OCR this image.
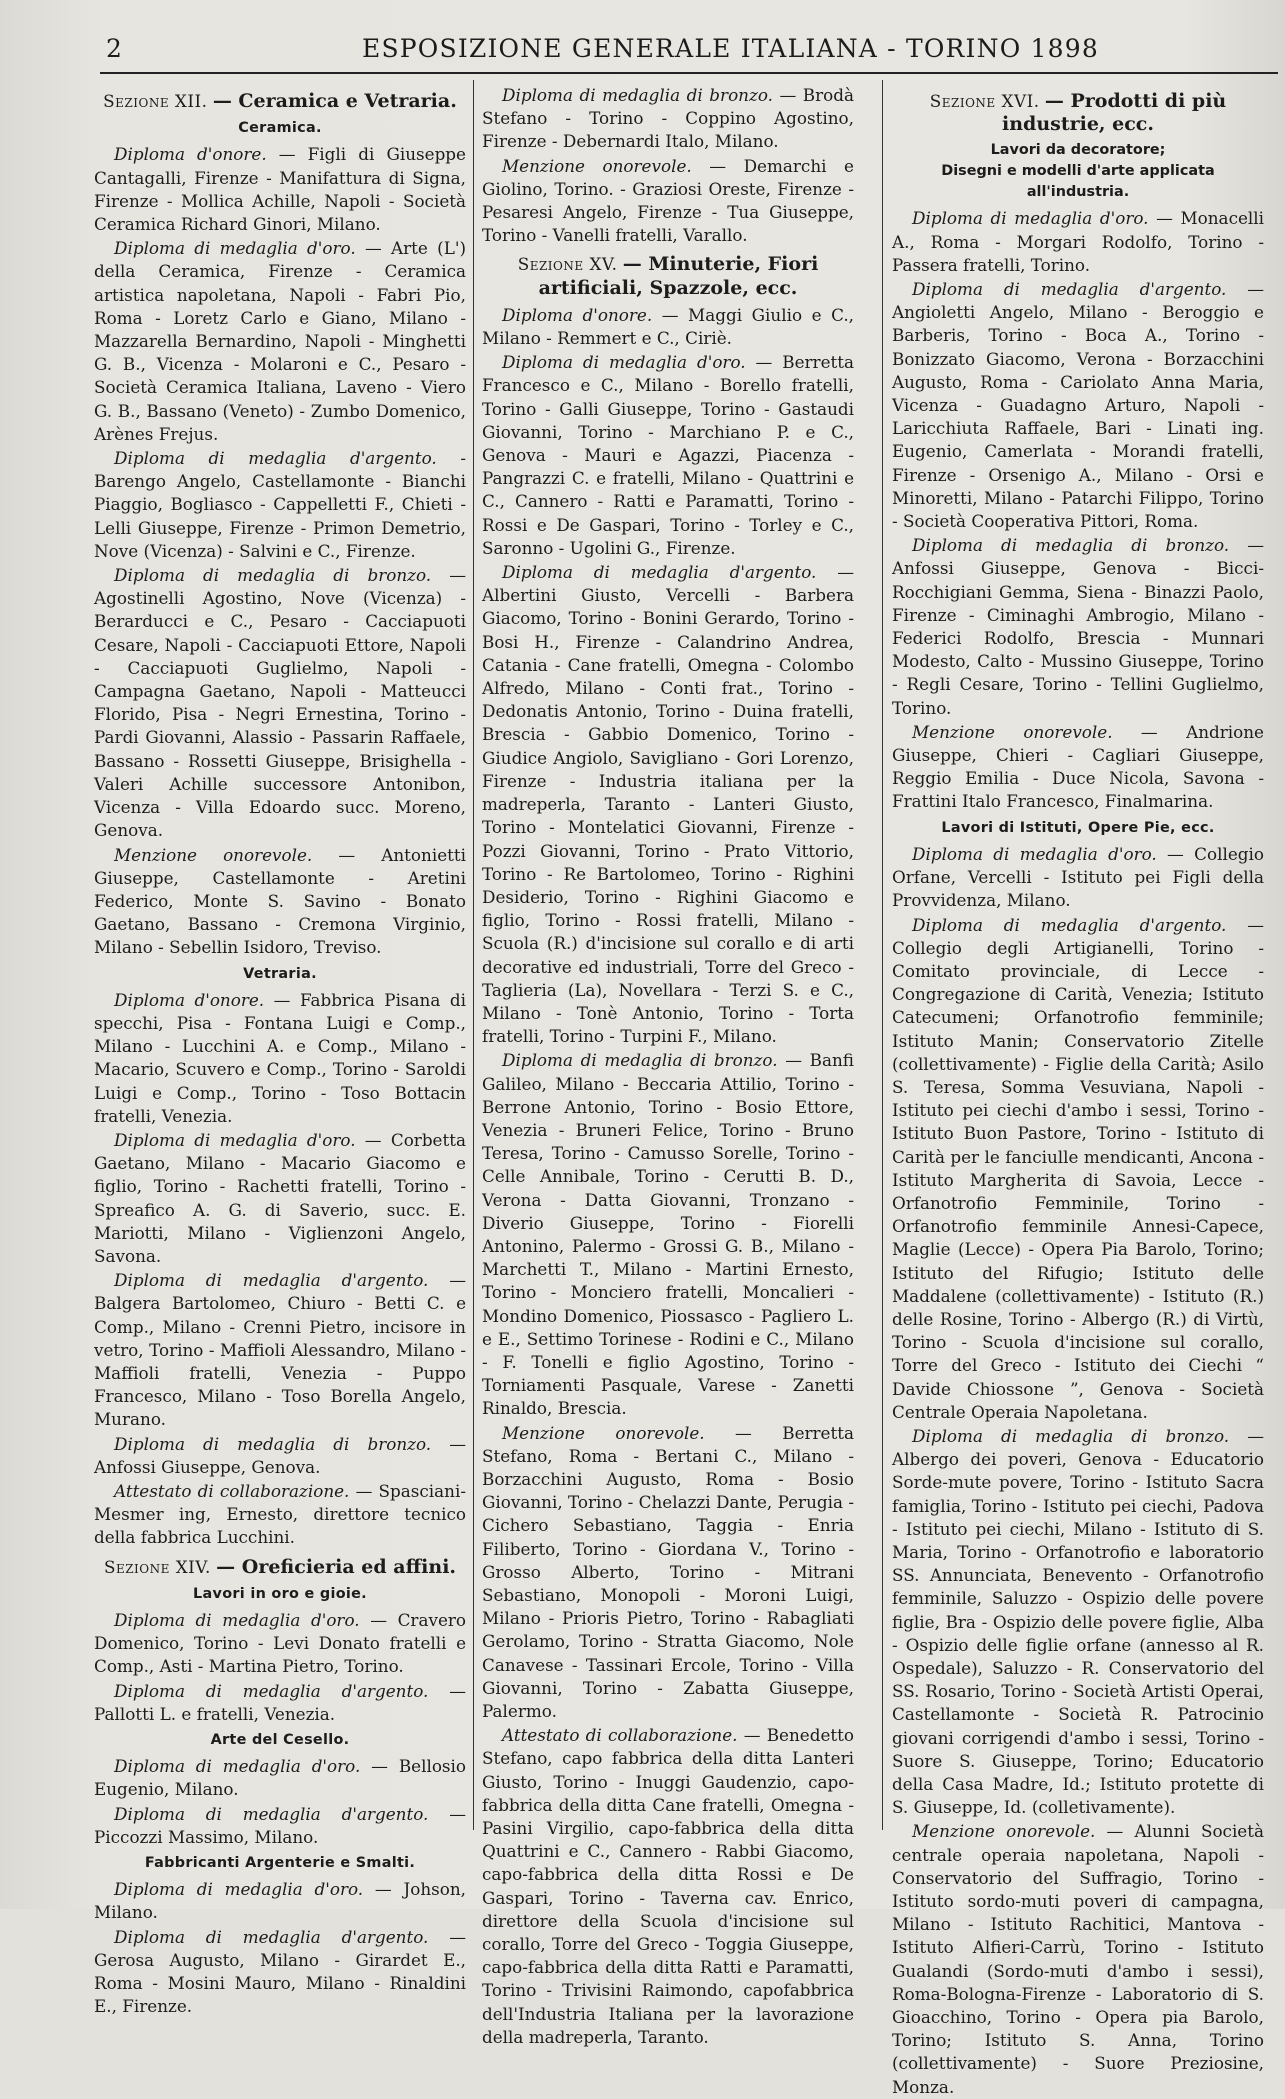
2	ESPOSIZIONE GENERALE ITALIANA - TORINO 1898
Sezione XII. — Ceramica e Vetraria.
Ceramica.

Diploma d'onore. — Figli di Giuseppe Cantagalli, Firenze - Manifattura di Signa, Firenze - Mollica Achille, Napoli - Società Ceramica Richard Ginori, Milano.

Diploma di medaglia d'oro. — Arte (L') della Ceramica, Firenze - Ceramica artistica napoletana, Napoli - Fabri Pio, Roma - Loretz Carlo e Giano, Milano - Mazzarella Bernardino, Napoli - Minghetti G. B., Vicenza - Molaroni e C., Pesaro - Società Ceramica Italiana, Laveno - Viero G. B., Bassano (Veneto) - Zumbo Domenico, Arènes Frejus.

Diploma di medaglia d'argento. - Barengo Angelo, Castellamonte - Bianchi Piaggio, Bogliasco - Cappelletti F., Chieti - Lelli Giuseppe, Firenze - Primon Demetrio, Nove (Vicenza) - Salvini e C., Firenze.

Diploma di medaglia di bronzo. — Agostinelli Agostino, Nove (Vicenza) - Berarducci e C., Pesaro - Cacciapuoti Cesare, Napoli - Cacciapuoti Ettore, Napoli - Cacciapuoti Guglielmo, Napoli - Campagna Gaetano, Napoli - Matteucci Florido, Pisa - Negri Ernestina, Torino - Pardi Giovanni, Alassio - Passarin Raffaele, Bassano - Rossetti Giuseppe, Brisighella - Valeri Achille successore Antonibon, Vicenza - Villa Edoardo succ. Moreno, Genova.

Menzione onorevole. — Antonietti Giuseppe, Castellamonte - Aretini Federico, Monte S. Savino - Bonato Gaetano, Bassano - Cremona Virginio, Milano - Sebellin Isidoro, Treviso.

Vetraria.

Diploma d'onore. — Fabbrica Pisana di specchi, Pisa - Fontana Luigi e Comp., Milano - Lucchini A. e Comp., Milano - Macario, Scuvero e Comp., Torino - Saroldi Luigi e Comp., Torino - Toso Bottacin fratelli, Venezia.

Diploma di medaglia d'oro. — Corbetta Gaetano, Milano - Macario Giacomo e figlio, Torino - Rachetti fratelli, Torino - Spreafico A. G. di Saverio, succ. E. Mariotti, Milano - Viglienzoni Angelo, Savona.

Diploma di medaglia d'argento. — Balgera Bartolomeo, Chiuro - Betti C. e Comp., Milano - Crenni Pietro, incisore in vetro, Torino - Maffioli Alessandro, Milano - Maffioli fratelli, Venezia - Puppo Francesco, Milano - Toso Borella Angelo, Murano.

Diploma di medaglia di bronzo. — Anfossi Giuseppe, Genova.

Attestato di collaborazione. — Spasciani-Mesmer ing, Ernesto, direttore tecnico della fabbrica Lucchini.

Sezione XIV. — Oreficieria ed affini.
Lavori in oro e gioie.

Diploma di medaglia d'oro. — Cravero Domenico, Torino - Levi Donato fratelli e Comp., Asti - Martina Pietro, Torino.

Diploma di medaglia d'argento. — Pallotti L. e fratelli, Venezia.

Arte del Cesello.

Diploma di medaglia d'oro. — Bellosio Eugenio, Milano.

Diploma di medaglia d'argento. — Piccozzi Massimo, Milano.

Fabbricanti Argenterie e Smalti.

Diploma di medaglia d'oro. — Johson, Milano.

Diploma di medaglia d'argento. — Gerosa Augusto, Milano - Girardet E., Roma - Mosini Mauro, Milano - Rinaldini E., Firenze.

Diploma di medaglia di bronzo. — Brodà Stefano - Torino - Coppino Agostino, Firenze - Debernardi Italo, Milano.

Menzione onorevole. — Demarchi e Giolino, Torino. - Graziosi Oreste, Firenze - Pesaresi Angelo, Firenze - Tua Giuseppe, Torino - Vanelli fratelli, Varallo.

Sezione XV. — Minuterie, Fiori artificiali, Spazzole, ecc.

Diploma d'onore. — Maggi Giulio e C., Milano - Remmert e C., Ciriè.

Diploma di medaglia d'oro. — Berretta Francesco e C., Milano - Borello fratelli, Torino - Galli Giuseppe, Torino - Gastaudi Giovanni, Torino - Marchiano P. e C., Genova - Mauri e Agazzi, Piacenza - Pangrazzi C. e fratelli, Milano - Quattrini e C., Cannero - Ratti e Paramatti, Torino - Rossi e De Gaspari, Torino - Torley e C., Saronno - Ugolini G., Firenze.

Diploma di medaglia d'argento. — Albertini Giusto, Vercelli - Barbera Giacomo, Torino - Bonini Gerardo, Torino - Bosi H., Firenze - Calandrino Andrea, Catania - Cane fratelli, Omegna - Colombo Alfredo, Milano - Conti frat., Torino - Dedonatis Antonio, Torino - Duina fratelli, Brescia - Gabbio Domenico, Torino - Giudice Angiolo, Savigliano - Gori Lorenzo, Firenze - Industria italiana per la madreperla, Taranto - Lanteri Giusto, Torino - Montelatici Giovanni, Firenze - Pozzi Giovanni, Torino - Prato Vittorio, Torino - Re Bartolomeo, Torino - Righini Desiderio, Torino - Righini Giacomo e figlio, Torino - Rossi fratelli, Milano - Scuola (R.) d'incisione sul corallo e di arti decorative ed industriali, Torre del Greco - Taglieria (La), Novellara - Terzi S. e C., Milano - Tonè Antonio, Torino - Torta fratelli, Torino - Turpini F., Milano.

Diploma di medaglia di bronzo. — Banfi Galileo, Milano - Beccaria Attilio, Torino - Berrone Antonio, Torino - Bosio Ettore, Venezia - Bruneri Felice, Torino - Bruno Teresa, Torino - Camusso Sorelle, Torino - Celle Annibale, Torino - Cerutti B. D., Verona - Datta Giovanni, Tronzano - Diverio Giuseppe, Torino - Fiorelli Antonino, Palermo - Grossi G. B., Milano - Marchetti T., Milano - Martini Ernesto, Torino - Monciero fratelli, Moncalieri - Mondino Domenico, Piossasco - Pagliero L. e E., Settimo Torinese - Rodini e C., Milano - F. Tonelli e figlio Agostino, Torino - Torniamenti Pasquale, Varese - Zanetti Rinaldo, Brescia.

Menzione onorevole. — Berretta Stefano, Roma - Bertani C., Milano - Borzacchini Augusto, Roma - Bosio Giovanni, Torino - Chelazzi Dante, Perugia - Cichero Sebastiano, Taggia - Enria Filiberto, Torino - Giordana V., Torino - Grosso Alberto, Torino - Mitrani Sebastiano, Monopoli - Moroni Luigi, Milano - Prioris Pietro, Torino - Rabagliati Gerolamo, Torino - Stratta Giacomo, Nole Canavese - Tassinari Ercole, Torino - Villa Giovanni, Torino - Zabatta Giuseppe, Palermo.

Attestato di collaborazione. — Benedetto Stefano, capo fabbrica della ditta Lanteri Giusto, Torino - Inuggi Gaudenzio, capo-fabbrica della ditta Cane fratelli, Omegna - Pasini Virgilio, capo-fabbrica della ditta Quattrini e C., Cannero - Rabbi Giacomo, capo-fabbrica della ditta Rossi e De Gaspari, Torino - Taverna cav. Enrico, direttore della Scuola d'incisione sul corallo, Torre del Greco - Toggia Giuseppe, capo-fabbrica della ditta Ratti e Paramatti, Torino - Trivisini Raimondo, capofabbrica dell'Industria Italiana per la lavorazione della madreperla, Taranto.

Sezione XVI. — Prodotti di più industrie, ecc.
Lavori da decoratore;
Disegni e modelli d'arte applicata all'industria.

Diploma di medaglia d'oro. — Monacelli A., Roma - Morgari Rodolfo, Torino - Passera fratelli, Torino.

Diploma di medaglia d'argento. — Angioletti Angelo, Milano - Beroggio e Barberis, Torino - Boca A., Torino - Bonizzato Giacomo, Verona - Borzacchini Augusto, Roma - Cariolato Anna Maria, Vicenza - Guadagno Arturo, Napoli - Laricchiuta Raffaele, Bari - Linati ing. Eugenio, Camerlata - Morandi fratelli, Firenze - Orsenigo A., Milano - Orsi e Minoretti, Milano - Patarchi Filippo, Torino - Società Cooperativa Pittori, Roma.

Diploma di medaglia di bronzo. — Anfossi Giuseppe, Genova - Bicci-Rocchigiani Gemma, Siena - Binazzi Paolo, Firenze - Ciminaghi Ambrogio, Milano - Federici Rodolfo, Brescia - Munnari Modesto, Calto - Mussino Giuseppe, Torino - Regli Cesare, Torino - Tellini Guglielmo, Torino.

Menzione onorevole. — Andrione Giuseppe, Chieri - Cagliari Giuseppe, Reggio Emilia - Duce Nicola, Savona - Frattini Italo Francesco, Finalmarina.

Lavori di Istituti, Opere Pie, ecc.

Diploma di medaglia d'oro. — Collegio Orfane, Vercelli - Istituto pei Figli della Provvidenza, Milano.

Diploma di medaglia d'argento. — Collegio degli Artigianelli, Torino - Comitato provinciale, di Lecce - Congregazione di Carità, Venezia; Istituto Catecumeni; Orfanotrofio femminile; Istituto Manin; Conservatorio Zitelle (collettivamente) - Figlie della Carità; Asilo S. Teresa, Somma Vesuviana, Napoli - Istituto pei ciechi d'ambo i sessi, Torino - Istituto Buon Pastore, Torino - Istituto di Carità per le fanciulle mendicanti, Ancona - Istituto Margherita di Savoia, Lecce - Orfanotrofio Femminile, Torino - Orfanotrofio femminile Annesi-Capece, Maglie (Lecce) - Opera Pia Barolo, Torino; Istituto del Rifugio; Istituto delle Maddalene (collettivamente) - Istituto (R.) delle Rosine, Torino - Albergo (R.) di Virtù, Torino - Scuola d'incisione sul corallo, Torre del Greco - Istituto dei Ciechi “ Davide Chiossone ”, Genova - Società Centrale Operaia Napoletana.

Diploma di medaglia di bronzo. — Albergo dei poveri, Genova - Educatorio Sorde-mute povere, Torino - Istituto Sacra famiglia, Torino - Istituto pei ciechi, Padova - Istituto pei ciechi, Milano - Istituto di S. Maria, Torino - Orfanotrofio e laboratorio SS. Annunciata, Benevento - Orfanotrofio femminile, Saluzzo - Ospizio delle povere figlie, Bra - Ospizio delle povere figlie, Alba - Ospizio delle figlie orfane (annesso al R. Ospedale), Saluzzo - R. Conservatorio del SS. Rosario, Torino - Società Artisti Operai, Castellamonte - Società R. Patrocinio giovani corrigendi d'ambo i sessi, Torino - Suore S. Giuseppe, Torino; Educatorio della Casa Madre, Id.; Istituto protette di S. Giuseppe, Id. (colletivamente).

Menzione onorevole. — Alunni Società centrale operaia napoletana, Napoli - Conservatorio del Suffragio, Torino - Istituto sordo-muti poveri di campagna, Milano - Istituto Rachitici, Mantova - Istituto Alfieri-Carrù, Torino - Istituto Gualandi (Sordo-muti d'ambo i sessi), Roma-Bologna-Firenze - Laboratorio di S. Gioacchino, Torino - Opera pia Barolo, Torino; Istituto S. Anna, Torino (collettivamente) - Suore Preziosine, Monza.
